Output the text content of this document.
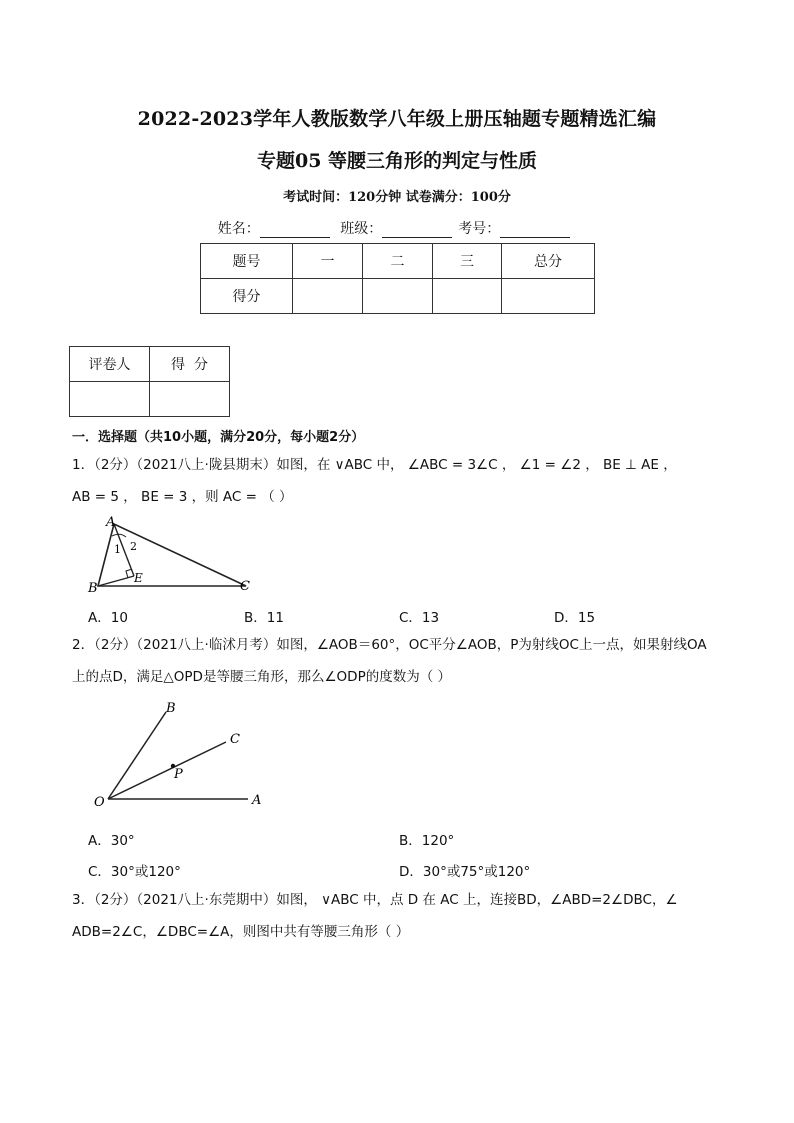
2022-2023学年人教版数学八年级上册压轴题专题精选汇编
专题05 等腰三角形的判定与性质
考试时间：120分钟 试卷满分：100分
姓名：	班级：	考号：
题号	一	二	三	总分
得分				
评卷人	得  分

一．选择题（共10小题，满分20分，每小题2分）
1．（2分）（2021八上·陇县期末）如图，在 ∨ABC 中， ∠ABC = 3∠C ， ∠1 = ∠2 ， BE ⊥ AE ，
AB = 5 ， BE = 3 ，则 AC = （ ）
A
B	C
E
1 2
A．10	B．11	C．13	D．15
2．（2分）（2021八上·临沭月考）如图，∠AOB＝60°，OC平分∠AOB，P为射线OC上一点，如果射线OA
上的点D，满足△OPD是等腰三角形，那么∠ODP的度数为（ ）
B
C
P
O	A
A．30°	B．120°
C．30°或120°	D．30°或75°或120°
3．（2分）（2021八上·东莞期中）如图， ∨ABC 中，点 D 在 AC 上，连接BD，∠ABD=2∠DBC，∠
ADB=2∠C，∠DBC=∠A，则图中共有等腰三角形（ ）
